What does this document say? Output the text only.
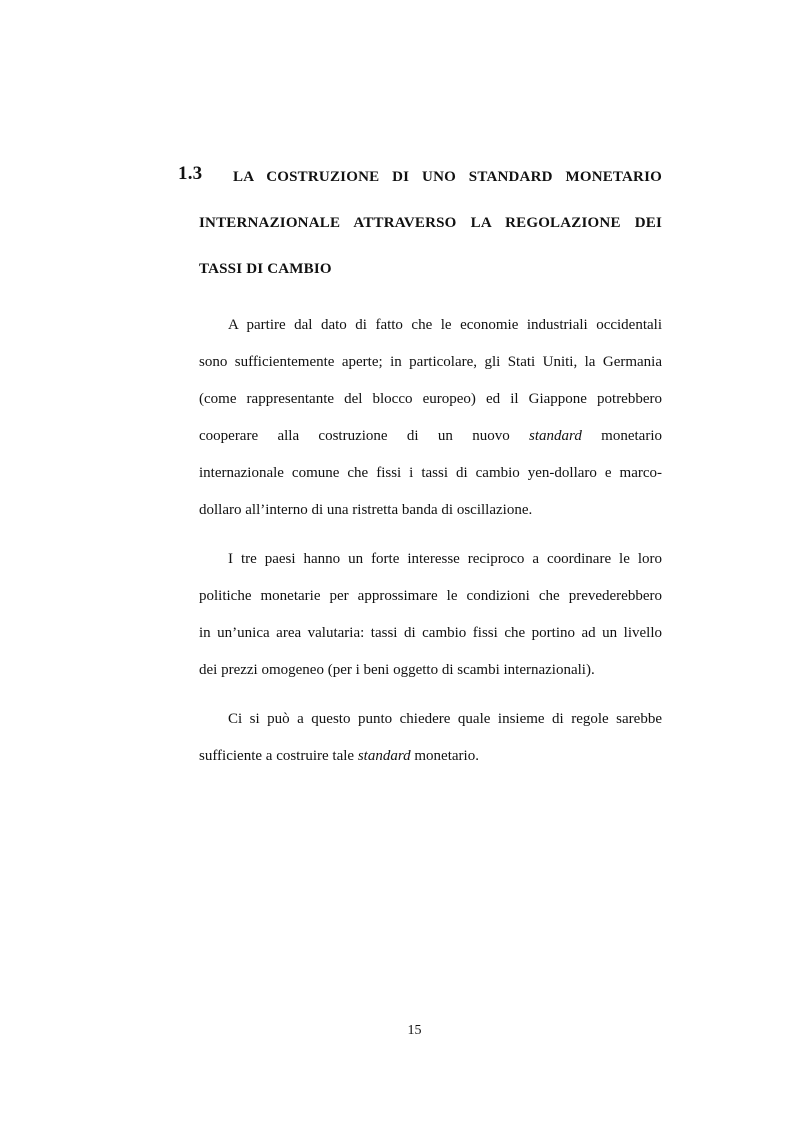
1.3 LA COSTRUZIONE DI UNO STANDARD MONETARIO
INTERNAZIONALE ATTRAVERSO LA REGOLAZIONE DEI
TASSI DI CAMBIO
A partire dal dato di fatto che le economie industriali occidentali
sono sufficientemente aperte; in particolare, gli Stati Uniti, la Germania
(come rappresentante del blocco europeo) ed il Giappone potrebbero
cooperare alla costruzione di un nuovo standard monetario
internazionale comune che fissi i tassi di cambio yen-dollaro e marco-
dollaro all’interno di una ristretta banda di oscillazione.
I tre paesi hanno un forte interesse reciproco a coordinare le loro
politiche monetarie per approssimare le condizioni che prevederebbero
in un’unica area valutaria: tassi di cambio fissi che portino ad un livello
dei prezzi omogeneo (per i beni oggetto di scambi internazionali).
Ci si può a questo punto chiedere quale insieme di regole sarebbe
sufficiente a costruire tale standard monetario.
15
